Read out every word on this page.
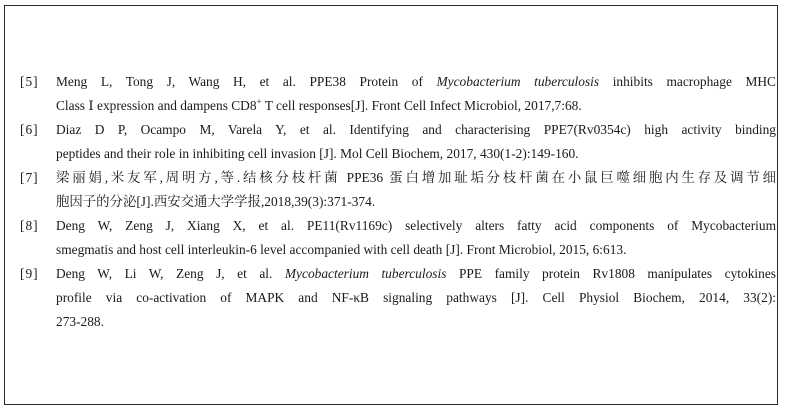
[5] Meng L, Tong J, Wang H, et al. PPE38 Protein of Mycobacterium tuberculosis inhibits macrophage MHC
Class Ⅰ expression and dampens CD8+ T cell responses[J]. Front Cell Infect Microbiol, 2017,7:68.
[6] Diaz D P, Ocampo M, Varela Y, et al. Identifying and characterising PPE7(Rv0354c) high activity binding
peptides and their role in inhibiting cell invasion [J]. Mol Cell Biochem, 2017, 430(1-2):149-160.
[7] 梁丽娟,米友军,周明方,等.结核分枝杆菌 PPE36 蛋白增加耻垢分枝杆菌在小鼠巨噬细胞内生存及调节细
胞因子的分泌[J].西安交通大学学报,2018,39(3):371-374.
[8] Deng W, Zeng J, Xiang X, et al. PE11(Rv1169c) selectively alters fatty acid components of Mycobacterium
smegmatis and host cell interleukin-6 level accompanied with cell death [J]. Front Microbiol, 2015, 6:613.
[9] Deng W, Li W, Zeng J, et al. Mycobacterium tuberculosis PPE family protein Rv1808 manipulates cytokines
profile via co-activation of MAPK and NF-κB signaling pathways [J]. Cell Physiol Biochem, 2014, 33(2):
273-288.
